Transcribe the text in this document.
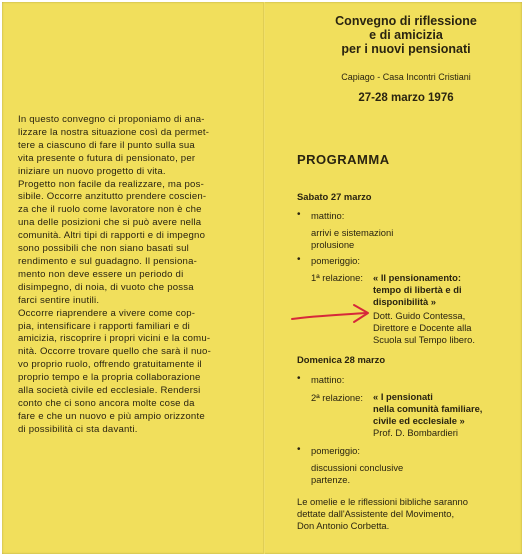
In questo convegno ci proponiamo di ana-
lizzare la nostra situazione così da permet-
tere a ciascuno di fare il punto sulla sua
vita presente o futura di pensionato, per
iniziare un nuovo progetto di vita.

Progetto non facile da realizzare, ma pos-
sibile. Occorre anzitutto prendere coscien-
za che il ruolo come lavoratore non è che
una delle posizioni che si può avere nella
comunità. Altri tipi di rapporti e di impegno
sono possibili che non siano basati sul
rendimento e sul guadagno. Il pensiona-
mento non deve essere un periodo di
disimpegno, di noia, di vuoto che possa
farci sentire inutili.

Occorre riaprendere a vivere come cop-
pia, intensificare i rapporti familiari e di
amicizia, riscoprire i propri vicini e la comu-
nità. Occorre trovare quello che sarà il nuo-
vo proprio ruolo, offrendo gratuitamente il
proprio tempo e la propria collaborazione
alla società civile ed ecclesiale. Rendersi
conto che ci sono ancora molte cose da
fare e che un nuovo e più ampio orizzonte
di possibilità ci sta davanti.

Convegno di riflessione
e di amicizia
per i nuovi pensionati
Capiago - Casa Incontri Cristiani
27-28 marzo 1976
PROGRAMMA
Sabato 27 marzo
• mattino:
arrivi e sistemazioni
prolusione
• pomeriggio:
1ª relazione: « Il pensionamento:
tempo di libertà e di
disponibilità »
Dott. Guido Contessa,
Direttore e Docente alla
Scuola sul Tempo libero.
Domenica 28 marzo
• mattino:
2ª relazione: « I pensionati
nella comunità familiare,
civile ed ecclesiale »
Prof. D. Bombardieri
• pomeriggio:
discussioni conclusive
partenze.
Le omelie e le riflessioni bibliche saranno
dettate dall'Assistente del Movimento,
Don Antonio Corbetta.
